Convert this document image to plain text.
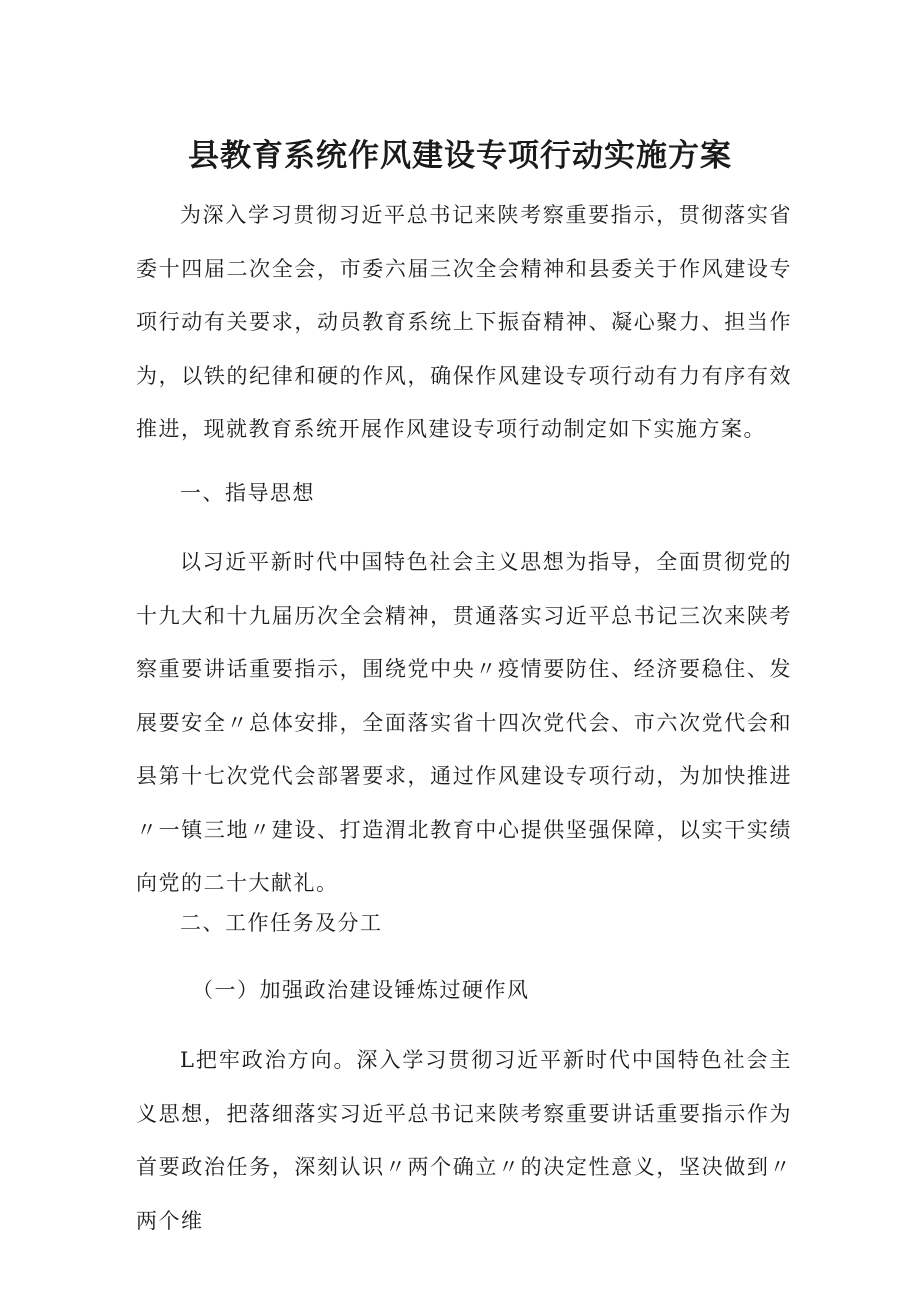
县教育系统作风建设专项行动实施方案

为深入学习贯彻习近平总书记来陕考察重要指示，贯彻落实省委十四届二次全会，市委六届三次全会精神和县委关于作风建设专项行动有关要求，动员教育系统上下振奋精神、凝心聚力、担当作为，以铁的纪律和硬的作风，确保作风建设专项行动有力有序有效推进，现就教育系统开展作风建设专项行动制定如下实施方案。

一、指导思想

以习近平新时代中国特色社会主义思想为指导，全面贯彻党的十九大和十九届历次全会精神，贯通落实习近平总书记三次来陕考察重要讲话重要指示，围绕党中央〃疫情要防住、经济要稳住、发展要安全〃总体安排，全面落实省十四次党代会、市六次党代会和县第十七次党代会部署要求，通过作风建设专项行动，为加快推进〃一镇三地〃建设、打造渭北教育中心提供坚强保障，以实干实绩向党的二十大献礼。

二、工作任务及分工
（一）加强政治建设锤炼过硬作风

L把牢政治方向。深入学习贯彻习近平新时代中国特色社会主义思想，把落细落实习近平总书记来陕考察重要讲话重要指示作为首要政治任务，深刻认识〃两个确立〃的决定性意义，坚决做到〃两个维
